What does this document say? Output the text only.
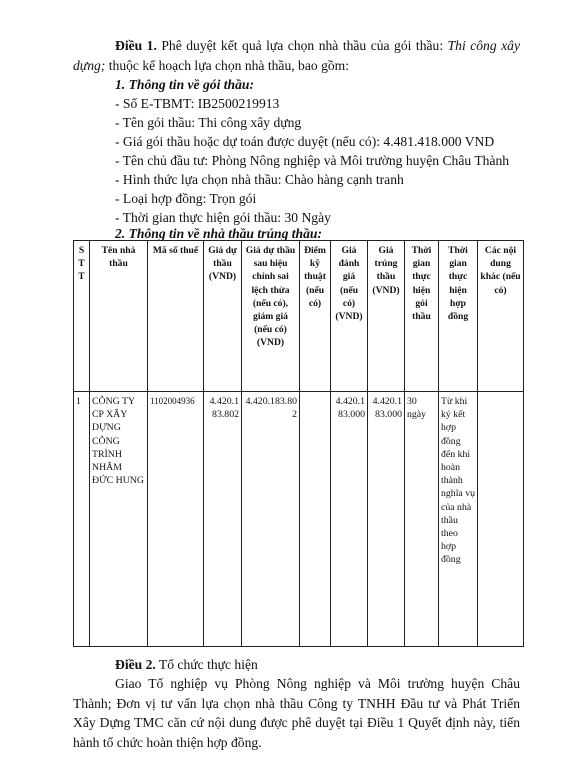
Điều 1. Phê duyệt kết quả lựa chọn nhà thầu của gói thầu: Thi công xây dựng; thuộc kế hoạch lựa chọn nhà thầu, bao gồm:
1. Thông tin về gói thầu:
- Số E-TBMT: IB2500219913
- Tên gói thầu: Thi công xây dựng
- Giá gói thầu hoặc dự toán được duyệt (nếu có): 4.481.418.000 VND
- Tên chủ đầu tư: Phòng Nông nghiệp và Môi trường huyện Châu Thành
- Hình thức lựa chọn nhà thầu: Chào hàng cạnh tranh
- Loại hợp đồng: Trọn gói
- Thời gian thực hiện gói thầu: 30 Ngày
2. Thông tin về nhà thầu trúng thầu:
STT	Tên nhà thầu	Mã số thuế	Giá dự thầu (VND)	Giá dự thầu sau hiệu chỉnh sai lệch thừa (nếu có), giảm giá (nếu có) (VND)	Điểm kỹ thuật (nếu có)	Giá đánh giá (nếu có) (VND)	Giá trúng thầu (VND)	Thời gian thực hiện gói thầu	Thời gian thực hiện hợp đồng	Các nội dung khác (nếu có)
1	CÔNG TY CP XÂY DỰNG CÔNG TRÌNH NHÂM ĐỨC HUNG	1102004936	4.420.183.802	4.420.183.802		4.420.183.000	4.420.183.000	30 ngày	Từ khi ký kết hợp đồng đến khi hoàn thành nghĩa vụ của nhà thầu theo hợp đồng	
Điều 2. Tổ chức thực hiện
Giao Tổ nghiệp vụ Phòng Nông nghiệp và Môi trường huyện Châu Thành; Đơn vị tư vấn lựa chọn nhà thầu Công ty TNHH Đầu tư và Phát Triển Xây Dựng TMC căn cứ nội dung được phê duyệt tại Điều 1 Quyết định này, tiến hành tổ chức hoàn thiện hợp đồng.
